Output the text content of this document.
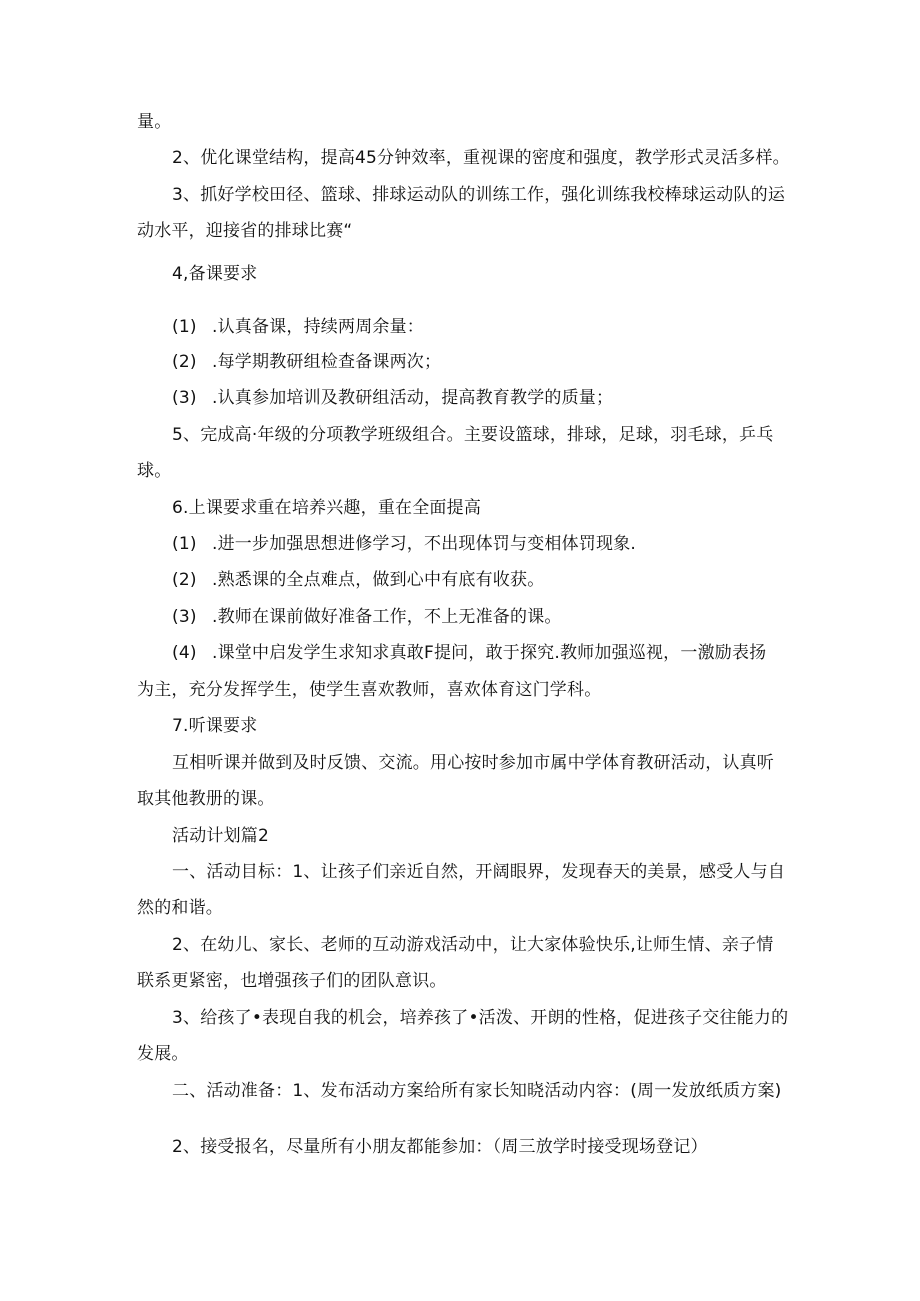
量。
2、优化课堂结构，提高45分钟效率，重视课的密度和强度，教学形式灵活多样。
3、抓好学校田径、篮球、排球运动队的训练工作，强化训练我校棒球运动队的运
动水平，迎接省的排球比赛“
4,备课要求
(1) .认真备课，持续两周余量：
(2) .每学期教研组检查备课两次；
(3) .认真参加培训及教研组活动，提高教育教学的质量；
5、完成高·年级的分项教学班级组合。主要设篮球，排球，足球，羽毛球，乒乓
球。
6.上课要求重在培养兴趣，重在全面提高
(1) .进一步加强思想进修学习，不出现体罚与变相体罚现象.
(2) .熟悉课的全点难点，做到心中有底有收获。
(3) .教师在课前做好准备工作，不上无准备的课。
(4) .课堂中启发学生求知求真敢F提问，敢于探究.教师加强巡视，一激励表扬
为主，充分发挥学生，使学生喜欢教师，喜欢体育这门学科。
7.听课要求
互相听课并做到及时反馈、交流。用心按时参加市属中学体育教研活动，认真听
取其他教册的课。
活动计划篇2
一、活动目标：1、让孩子们亲近自然，开阔眼界，发现春天的美景，感受人与自
然的和谐。
2、在幼儿、家长、老师的互动游戏活动中，让大家体验快乐,让师生情、亲子情
联系更紧密，也增强孩子们的团队意识。
3、给孩了•表现自我的机会，培养孩了•活泼、开朗的性格，促进孩子交往能力的
发展。
二、活动准备：1、发布活动方案给所有家长知晓活动内容：(周一发放纸质方案)
2、接受报名，尽量所有小朋友都能参加：（周三放学时接受现场登记）
